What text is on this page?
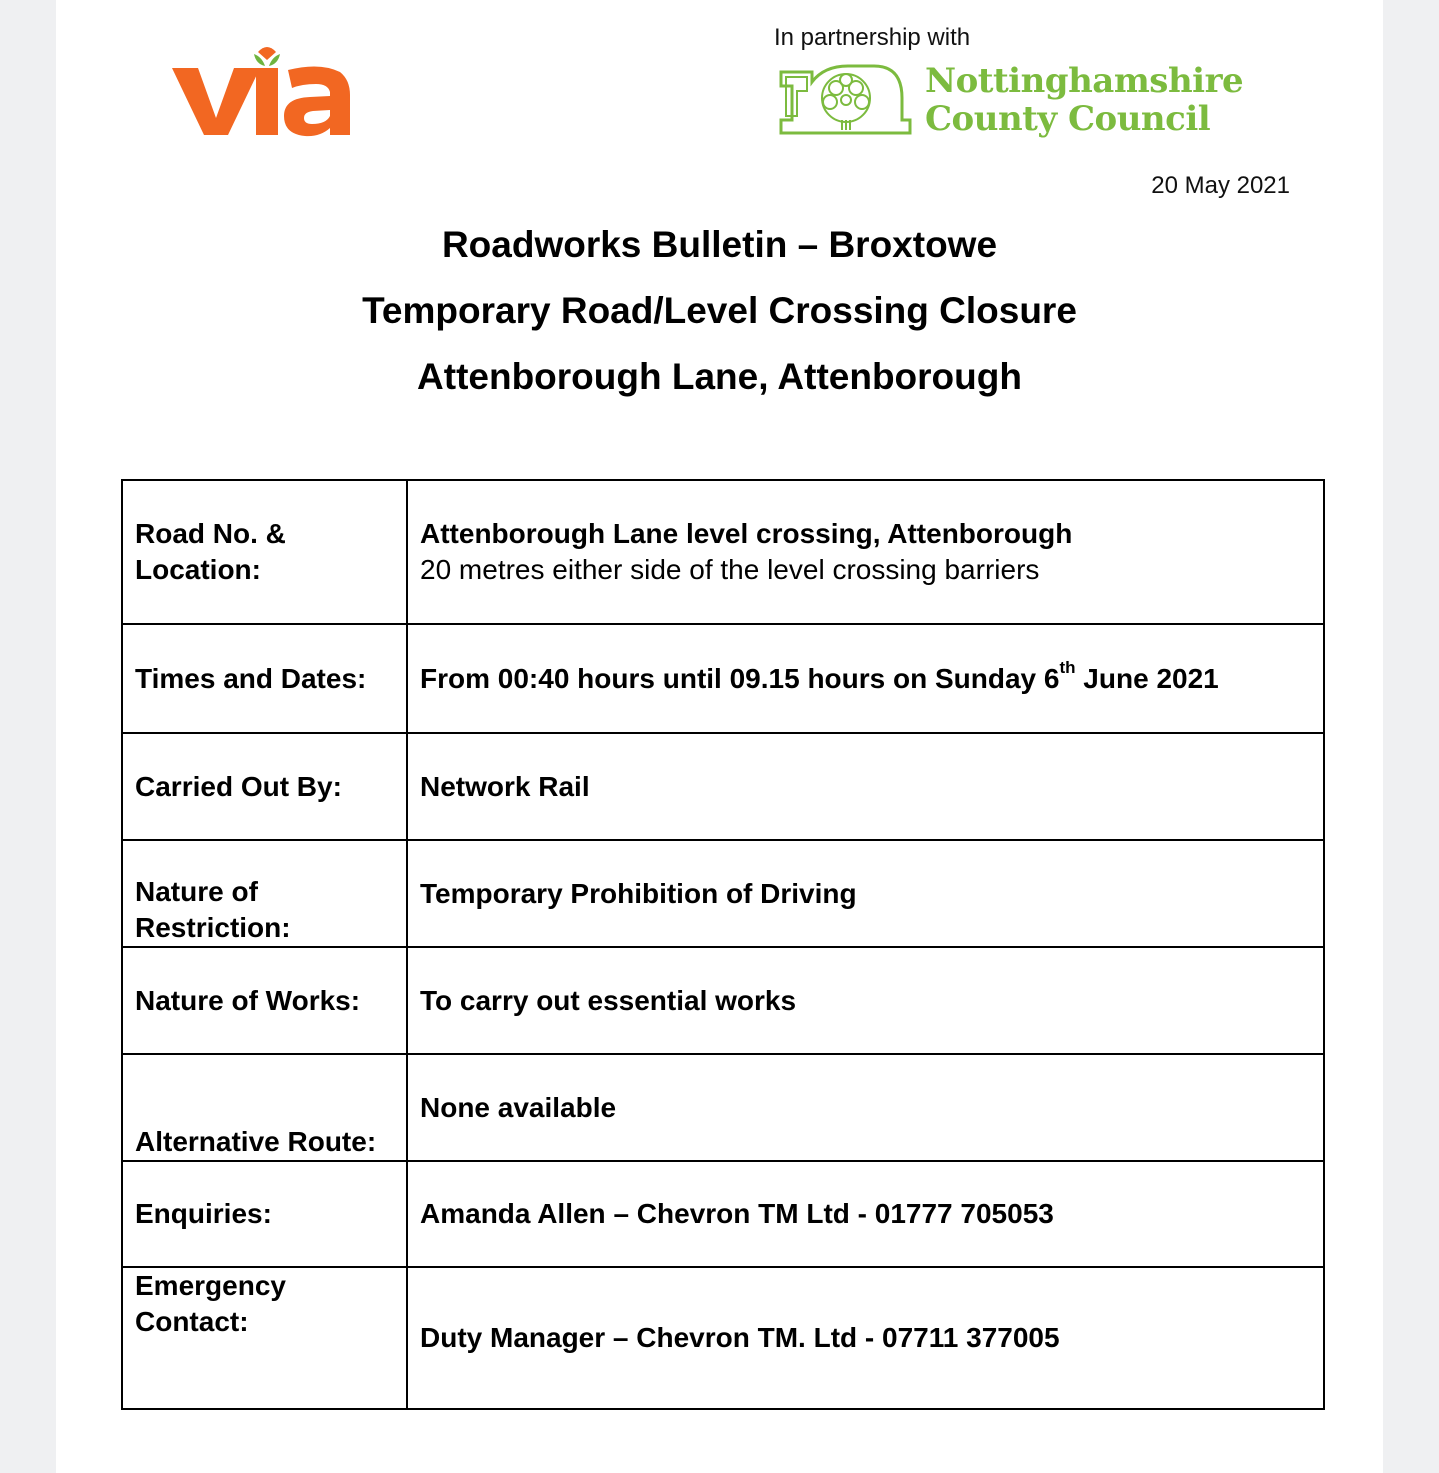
In partnership with
Nottinghamshire
County Council
20 May 2021
Roadworks Bulletin – Broxtowe
Temporary Road/Level Crossing Closure
Attenborough Lane, Attenborough
Road No. & Location:	Attenborough Lane level crossing, Attenborough
20 metres either side of the level crossing barriers

Times and Dates:	From 00:40 hours until 09.15 hours on Sunday 6th June 2021
Carried Out By:	Network Rail
Nature of Restriction:	Temporary Prohibition of Driving
Nature of Works:	To carry out essential works
Alternative Route:	None available
Enquiries:	Amanda Allen – Chevron TM Ltd - 01777 705053
Emergency Contact:	Duty Manager – Chevron TM. Ltd - 07711 377005
